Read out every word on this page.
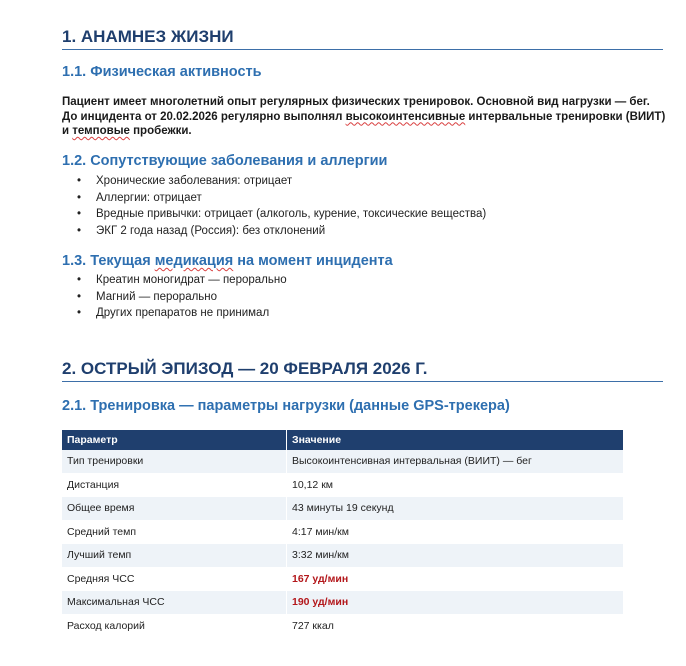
1. АНАМНЕЗ ЖИЗНИ
1.1. Физическая активность
Пациент имеет многолетний опыт регулярных физических тренировок. Основной вид нагрузки — бег. До инцидента от 20.02.2026 регулярно выполнял высокоинтенсивные интервальные тренировки (ВИИТ) и темповые пробежки.
1.2. Сопутствующие заболевания и аллергии
• Хронические заболевания: отрицает
• Аллергии: отрицает
• Вредные привычки: отрицает (алкоголь, курение, токсические вещества)
• ЭКГ 2 года назад (Россия): без отклонений
1.3. Текущая медикация на момент инцидента
• Креатин моногидрат — перорально
• Магний — перорально
• Других препаратов не принимал
2. ОСТРЫЙ ЭПИЗОД — 20 ФЕВРАЛЯ 2026 Г.
2.1. Тренировка — параметры нагрузки (данные GPS-трекера)
Параметр	Значение
Тип тренировки	Высокоинтенсивная интервальная (ВИИТ) — бег
Дистанция	10,12 км
Общее время	43 минуты 19 секунд
Средний темп	4:17 мин/км
Лучший темп	3:32 мин/км
Средняя ЧСС	167 уд/мин
Максимальная ЧСС	190 уд/мин
Расход калорий	727 ккал
